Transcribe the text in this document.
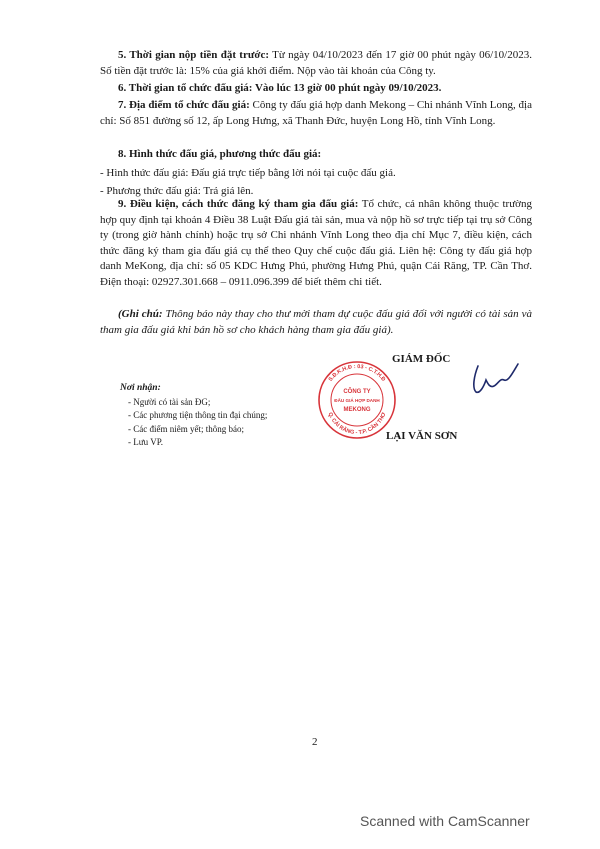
5. Thời gian nộp tiền đặt trước: Từ ngày 04/10/2023 đến 17 giờ 00 phút ngày 06/10/2023. Số tiền đặt trước là: 15% của giá khởi điểm. Nộp vào tài khoản của Công ty.

6. Thời gian tổ chức đấu giá: Vào lúc 13 giờ 00 phút ngày 09/10/2023.

7. Địa điểm tổ chức đấu giá: Công ty đấu giá hợp danh Mekong – Chi nhánh Vĩnh Long, địa chỉ: Số 851 đường số 12, ấp Long Hưng, xã Thanh Đức, huyện Long Hồ, tỉnh Vĩnh Long.

8. Hình thức đấu giá, phương thức đấu giá:

- Hình thức đấu giá: Đấu giá trực tiếp bằng lời nói tại cuộc đấu giá.

- Phương thức đấu giá: Trả giá lên.

9. Điều kiện, cách thức đăng ký tham gia đấu giá: Tổ chức, cá nhân không thuộc trường hợp quy định tại khoản 4 Điều 38 Luật Đấu giá tài sản, mua và nộp hồ sơ trực tiếp tại trụ sở Công ty (trong giờ hành chính) hoặc trụ sở Chi nhánh Vĩnh Long theo địa chỉ Mục 7, điều kiện, cách thức đăng ký tham gia đấu giá cụ thể theo Quy chế cuộc đấu giá. Liên hệ: Công ty đấu giá hợp danh MeKong, địa chỉ: số 05 KDC Hưng Phú, phường Hưng Phú, quận Cái Răng, TP. Cần Thơ. Điện thoại: 02927.301.668 – 0911.096.399 để biết thêm chi tiết.

(Ghi chú: Thông báo này thay cho thư mời tham dự cuộc đấu giá đối với người có tài sản và tham gia đấu giá khi bán hồ sơ cho khách hàng tham gia đấu giá).

Nơi nhận:
- Người có tài sản ĐG;
- Các phương tiện thông tin đại chúng;
- Các điểm niêm yết; thông báo;
- Lưu VP.
S.Đ.K.H.Đ : 03 - C.T.H.Đ
Q. CÁI RĂNG - T.P. CẦN THƠ
CÔNG TY
ĐẤU GIÁ HỢP DANH
MEKONG
GIÁM ĐỐC
LẠI VĂN SƠN
2
Scanned with CamScanner
